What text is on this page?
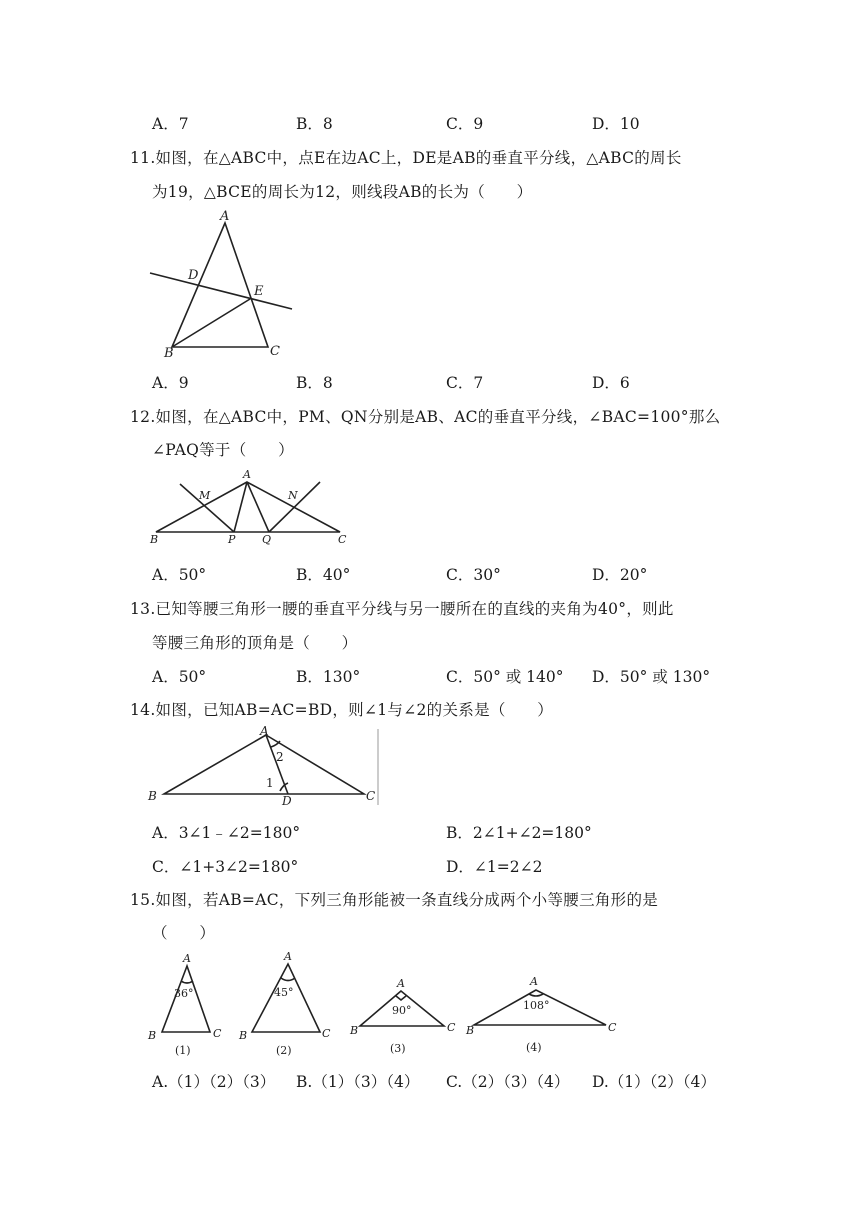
A．7	B．8	C．9	D．10
11.如图，在△ABC中，点E在边AC上，DE是AB的垂直平分线，△ABC的周长
为19，△BCE的周长为12，则线段AB的长为（　　）
A
D
E
B	C
A．9	B．8	C．7	D．6
12.如图，在△ABC中，PM、QN分别是AB、AC的垂直平分线，∠BAC=100°那么
∠PAQ等于（　　）
A
M	N
B	P Q	C
A．50°	B．40°	C．30°	D．20°
13.已知等腰三角形一腰的垂直平分线与另一腰所在的直线的夹角为40°，则此
等腰三角形的顶角是（　　）
A．50°	B．130°	C．50° 或 140° D．50° 或 130°
14.如图，已知AB=AC=BD，则∠1与∠2的关系是（　　）
A
2
1
B	D	C
A．3∠1﹣∠2=180°	B．2∠1+∠2=180°
C．∠1+3∠2=180°	D．∠1=2∠2
15.如图，若AB=AC，下列三角形能被一条直线分成两个小等腰三角形的是
（　　）
A
36°
B	C
(1)
A
45°
B	C
(2)
A
90°
B	C
(3)
A
108°
B	C
(4)
A.（1）（2）（3） B.（1）（3）（4） C.（2）（3）（4） D.（1）（2）（4）
